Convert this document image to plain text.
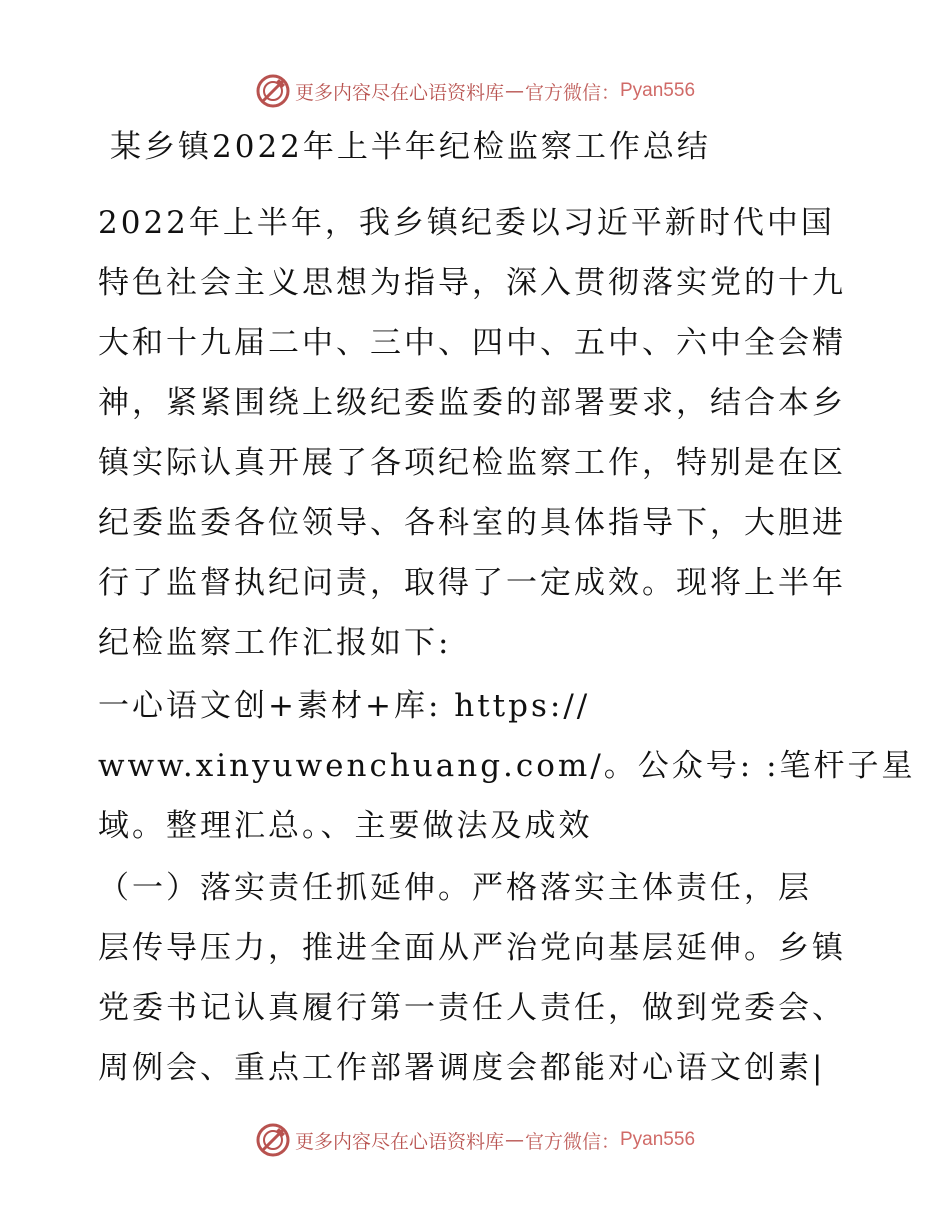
更多内容尽在心语资料库 — 官方微信： Pyan556
某乡镇2022年上半年纪检监察工作总结
2022年上半年，我乡镇纪委以习近平新时代中国
特色社会主义思想为指导，深入贯彻落实党的十九
大和十九届二中、三中、四中、五中、六中全会精
神，紧紧围绕上级纪委监委的部署要求，结合本乡
镇实际认真开展了各项纪检监察工作，特别是在区
纪委监委各位领导、各科室的具体指导下，大胆进
行了监督执纪问责，取得了一定成效。现将上半年
纪检监察工作汇报如下:
一心语文创+素材+库: https://
www.xinyuwenchuang.com/。公众号: :笔杆子星
域。整理汇总。、主要做法及成效
（一）落实责任抓延伸。严格落实主体责任，层
层传导压力，推进全面从严治党向基层延伸。乡镇
党委书记认真履行第一责任人责任，做到党委会、
周例会、重点工作部署调度会都能对心语文创素|
更多内容尽在心语资料库 — 官方微信： Pyan556
